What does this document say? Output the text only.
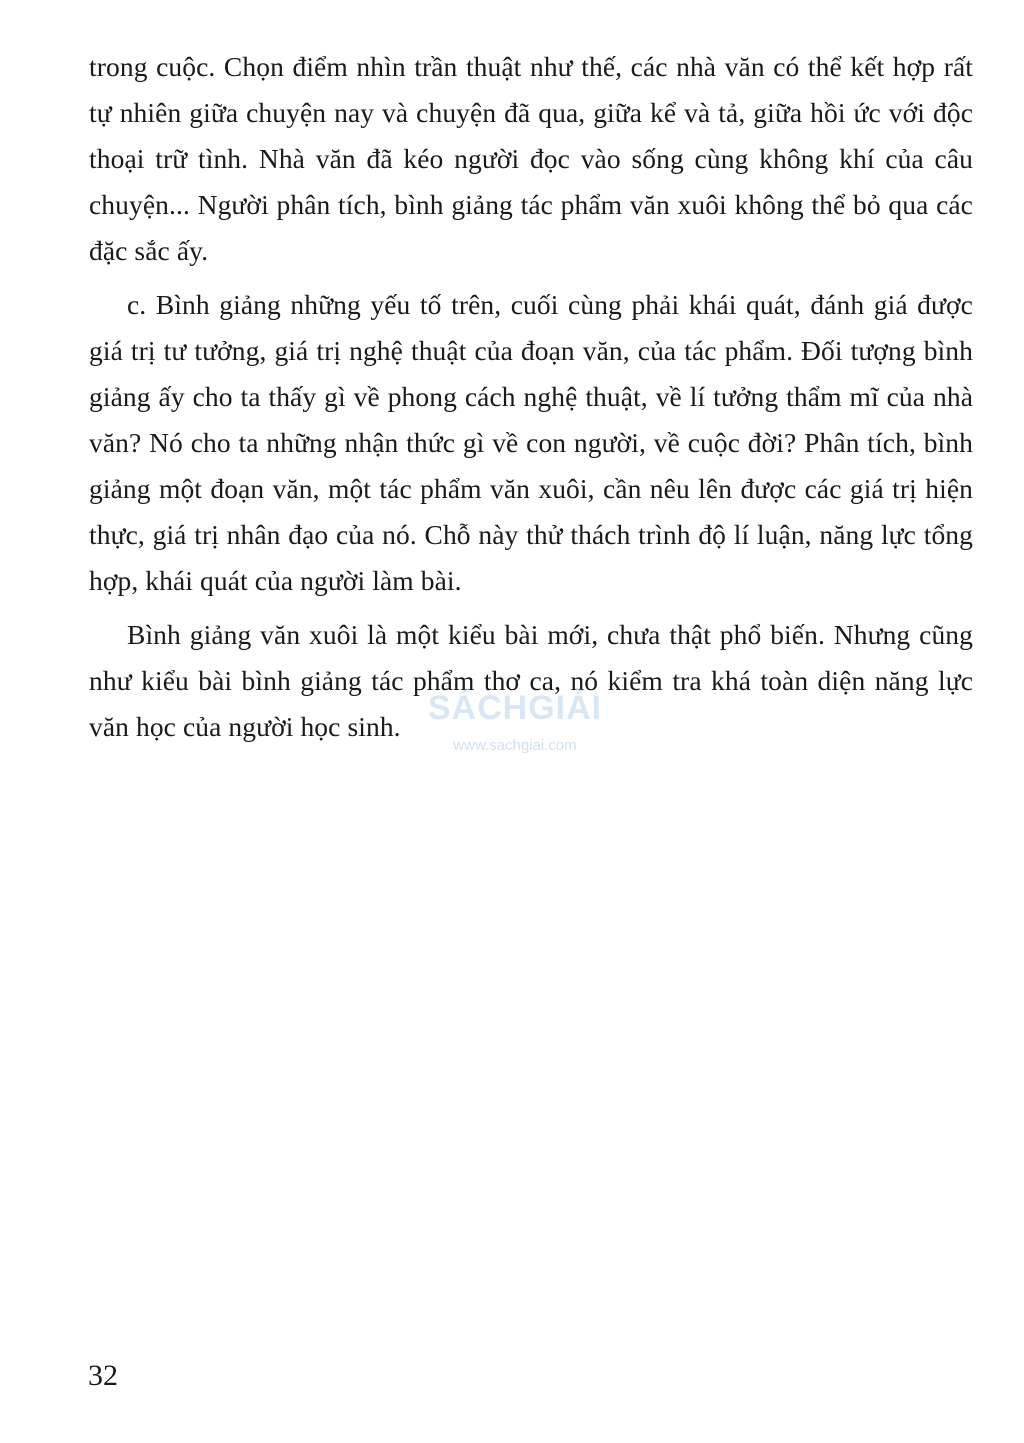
trong cuộc. Chọn điểm nhìn trần thuật như thế, các nhà văn có thể kết hợp rất tự nhiên giữa chuyện nay và chuyện đã qua, giữa kể và tả, giữa hồi ức với độc thoại trữ tình. Nhà văn đã kéo người đọc vào sống cùng không khí của câu chuyện... Người phân tích, bình giảng tác phẩm văn xuôi không thể bỏ qua các đặc sắc ấy.

c. Bình giảng những yếu tố trên, cuối cùng phải khái quát, đánh giá được giá trị tư tưởng, giá trị nghệ thuật của đoạn văn, của tác phẩm. Đối tượng bình giảng ấy cho ta thấy gì về phong cách nghệ thuật, về lí tưởng thẩm mĩ của nhà văn? Nó cho ta những nhận thức gì về con người, về cuộc đời? Phân tích, bình giảng một đoạn văn, một tác phẩm văn xuôi, cần nêu lên được các giá trị hiện thực, giá trị nhân đạo của nó. Chỗ này thử thách trình độ lí luận, năng lực tổng hợp, khái quát của người làm bài.

Bình giảng văn xuôi là một kiểu bài mới, chưa thật phổ biến. Nhưng cũng như kiểu bài bình giảng tác phẩm thơ ca, nó kiểm tra khá toàn diện năng lực văn học của người học sinh. SÁCHGIẢI
www.sachgiai.com
32
